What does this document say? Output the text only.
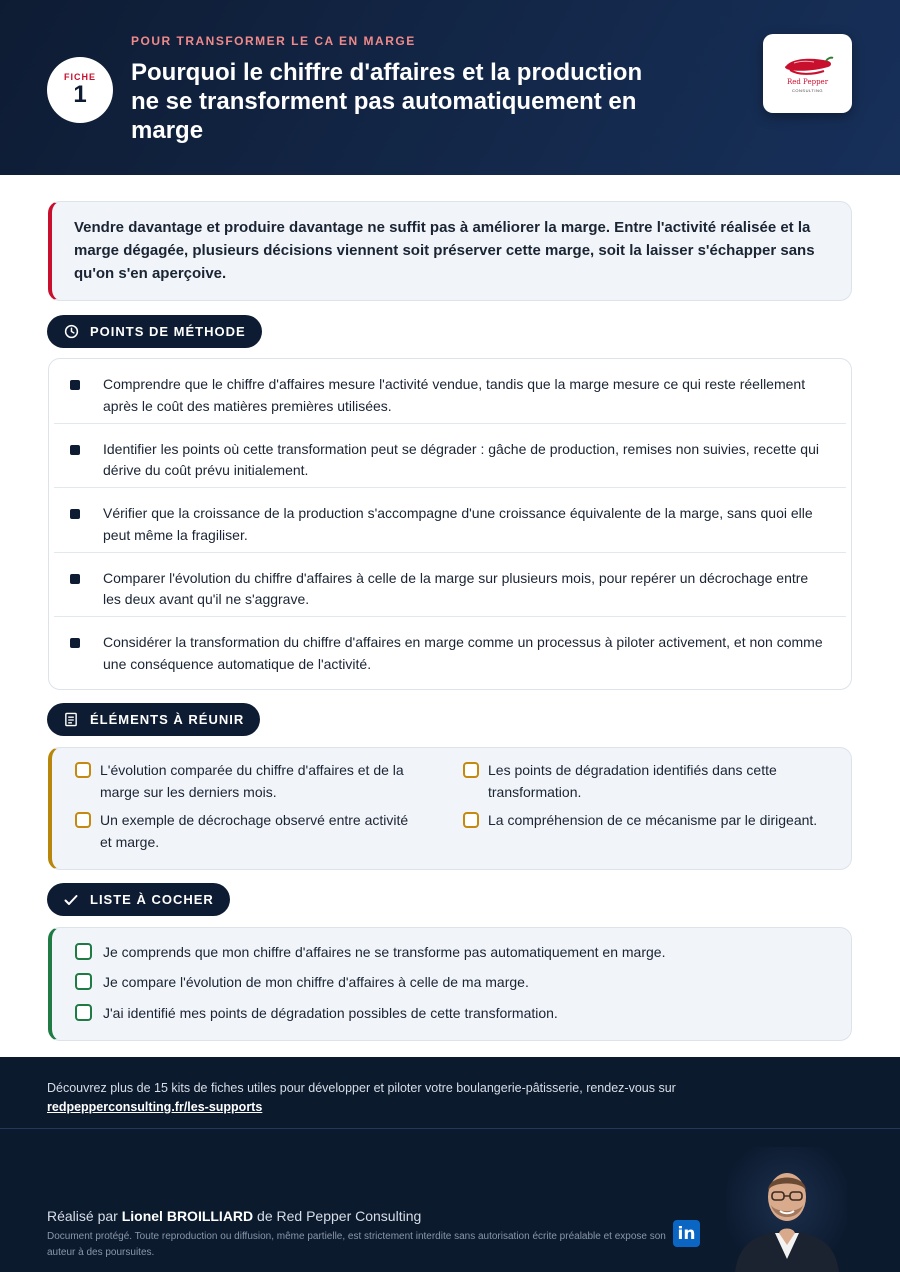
FICHE
1
POUR TRANSFORMER LE CA EN MARGE
Pourquoi le chiffre d'affaires et la production ne se transforment pas automatiquement en marge
Red Pepper
CONSULTING

Vendre davantage et produire davantage ne suffit pas à améliorer la marge. Entre l'activité réalisée et la marge dégagée, plusieurs décisions viennent soit préserver cette marge, soit la laisser s'échapper sans qu'on s'en aperçoive.

POINTS DE MÉTHODE

Comprendre que le chiffre d'affaires mesure l'activité vendue, tandis que la marge mesure ce qui reste réellement après le coût des matières premières utilisées.

Identifier les points où cette transformation peut se dégrader : gâche de production, remises non suivies, recette qui dérive du coût prévu initialement.

Vérifier que la croissance de la production s'accompagne d'une croissance équivalente de la marge, sans quoi elle peut même la fragiliser.

Comparer l'évolution du chiffre d'affaires à celle de la marge sur plusieurs mois, pour repérer un décrochage entre les deux avant qu'il ne s'aggrave.

Considérer la transformation du chiffre d'affaires en marge comme un processus à piloter activement, et non comme une conséquence automatique de l'activité.

ÉLÉMENTS À RÉUNIR

L'évolution comparée du chiffre d'affaires et de la marge sur les derniers mois.

Les points de dégradation identifiés dans cette transformation.

Un exemple de décrochage observé entre activité et marge.

La compréhension de ce mécanisme par le dirigeant.

LISTE À COCHER
Je comprends que mon chiffre d'affaires ne se transforme pas automatiquement en marge.
Je compare l'évolution de mon chiffre d'affaires à celle de ma marge.
J'ai identifié mes points de dégradation possibles de cette transformation.
Découvrez plus de 15 kits de fiches utiles pour développer et piloter votre boulangerie-pâtisserie, rendez-vous sur
redpepperconsulting.fr/les-supports
Réalisé par Lionel BROILLIARD de Red Pepper Consulting
Document protégé. Toute reproduction ou diffusion, même partielle, est strictement interdite sans autorisation écrite préalable et expose son auteur à des poursuites.
in
